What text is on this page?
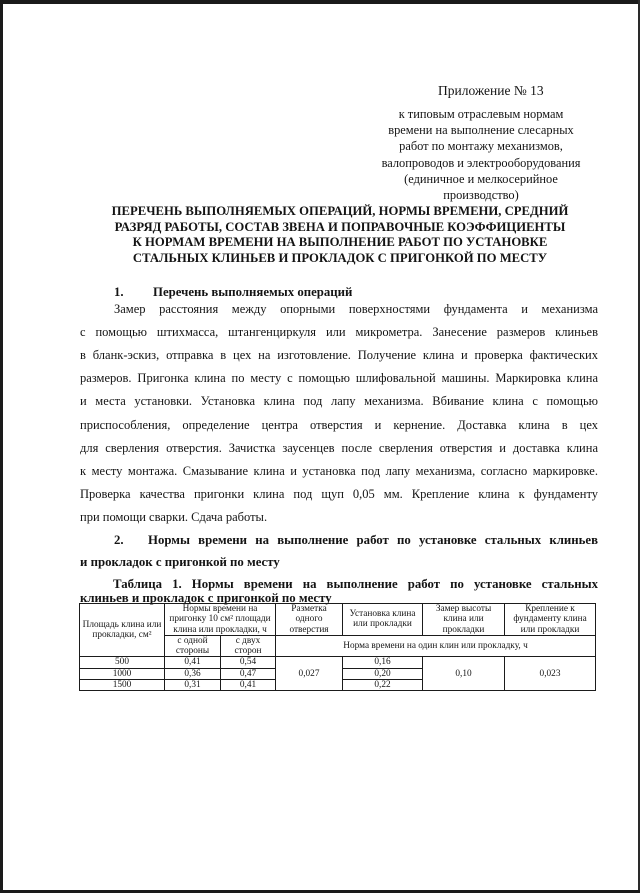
Приложение № 13
к типовым отраслевым нормам
времени на выполнение слесарных
работ по монтажу механизмов,
валопроводов и электрооборудования
(единичное и мелкосерийное
производство)
ПЕРЕЧЕНЬ ВЫПОЛНЯЕМЫХ ОПЕРАЦИЙ, НОРМЫ ВРЕМЕНИ, СРЕДНИЙ
РАЗРЯД РАБОТЫ, СОСТАВ ЗВЕНА И ПОПРАВОЧНЫЕ КОЭФФИЦИЕНТЫ
К НОРМАМ ВРЕМЕНИ НА ВЫПОЛНЕНИЕ РАБОТ ПО УСТАНОВКЕ
СТАЛЬНЫХ КЛИНЬЕВ И ПРОКЛАДОК С ПРИГОНКОЙ ПО МЕСТУ
1. Перечень выполняемых операций
Замер расстояния между опорными поверхностями фундамента и механизма
с помощью штихмасса, штангенциркуля или микрометра. Занесение размеров клиньев
в бланк-эскиз, отправка в цех на изготовление. Получение клина и проверка фактических
размеров. Пригонка клина по месту с помощью шлифовальной машины. Маркировка клина
и места установки. Установка клина под лапу механизма. Вбивание клина с помощью
приспособления, определение центра отверстия и кернение. Доставка клина в цех
для сверления отверстия. Зачистка заусенцев после сверления отверстия и доставка клина
к месту монтажа. Смазывание клина и установка под лапу механизма, согласно маркировке.
Проверка качества пригонки клина под щуп 0,05 мм. Крепление клина к фундаменту
при помощи сварки. Сдача работы.
2. Нормы времени на выполнение работ по установке стальных клиньев
и прокладок с пригонкой по месту
Таблица 1. Нормы времени на выполнение работ по установке стальных
клиньев и прокладок с пригонкой по месту
Площадь клина или прокладки, см²	Нормы времени на пригонку 10 см² площади клина или прокладки, ч		Разметка одного отверстия	Установка клина или прокладки	Замер высоты клина или прокладки	Крепление к фундаменту клина или прокладки
	с одной стороны	с двух сторон	Норма времени на один клин или прокладку, ч			
500	0,41	0,54	0,027	0,16	0,10	0,023
1000	0,36	0,47		0,20		
1500	0,31	0,41		0,22		
